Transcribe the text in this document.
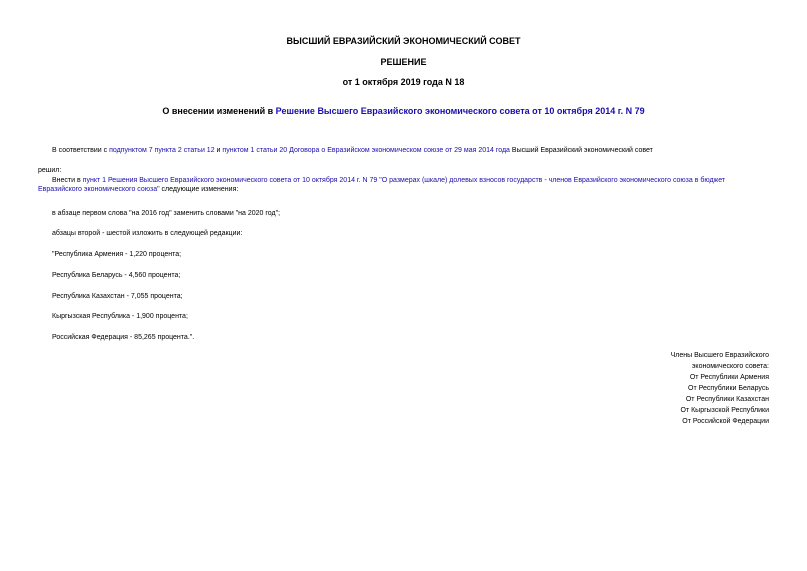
ВЫСШИЙ ЕВРАЗИЙСКИЙ ЭКОНОМИЧЕСКИЙ СОВЕТ
РЕШЕНИЕ
от 1 октября 2019 года N 18
О внесении изменений в Решение Высшего Евразийского экономического совета от 10 октября 2014 г. N 79
В соответствии с подпунктом 7 пункта 2 статьи 12 и пунктом 1 статьи 20 Договора о Евразийском экономическом союзе от 29 мая 2014 года Высший Евразийский экономический совет
решил:
Внести в пункт 1 Решения Высшего Евразийского экономического совета от 10 октября 2014 г. N 79 "О размерах (шкале) долевых взносов государств - членов Евразийского экономического союза в бюджет Евразийского экономического союза" следующие изменения:
в абзаце первом слова "на 2016 год" заменить словами "на 2020 год";
абзацы второй - шестой изложить в следующей редакции:
"Республика Армения - 1,220 процента;
Республика Беларусь - 4,560 процента;
Республика Казахстан - 7,055 процента;
Кыргызская Республика - 1,900 процента;
Российская Федерация - 85,265 процента.".
Члены Высшего Евразийского
экономического совета:
От Республики Армения
От Республики Беларусь
От Республики Казахстан
От Кыргызской Республики
От Российской Федерации
